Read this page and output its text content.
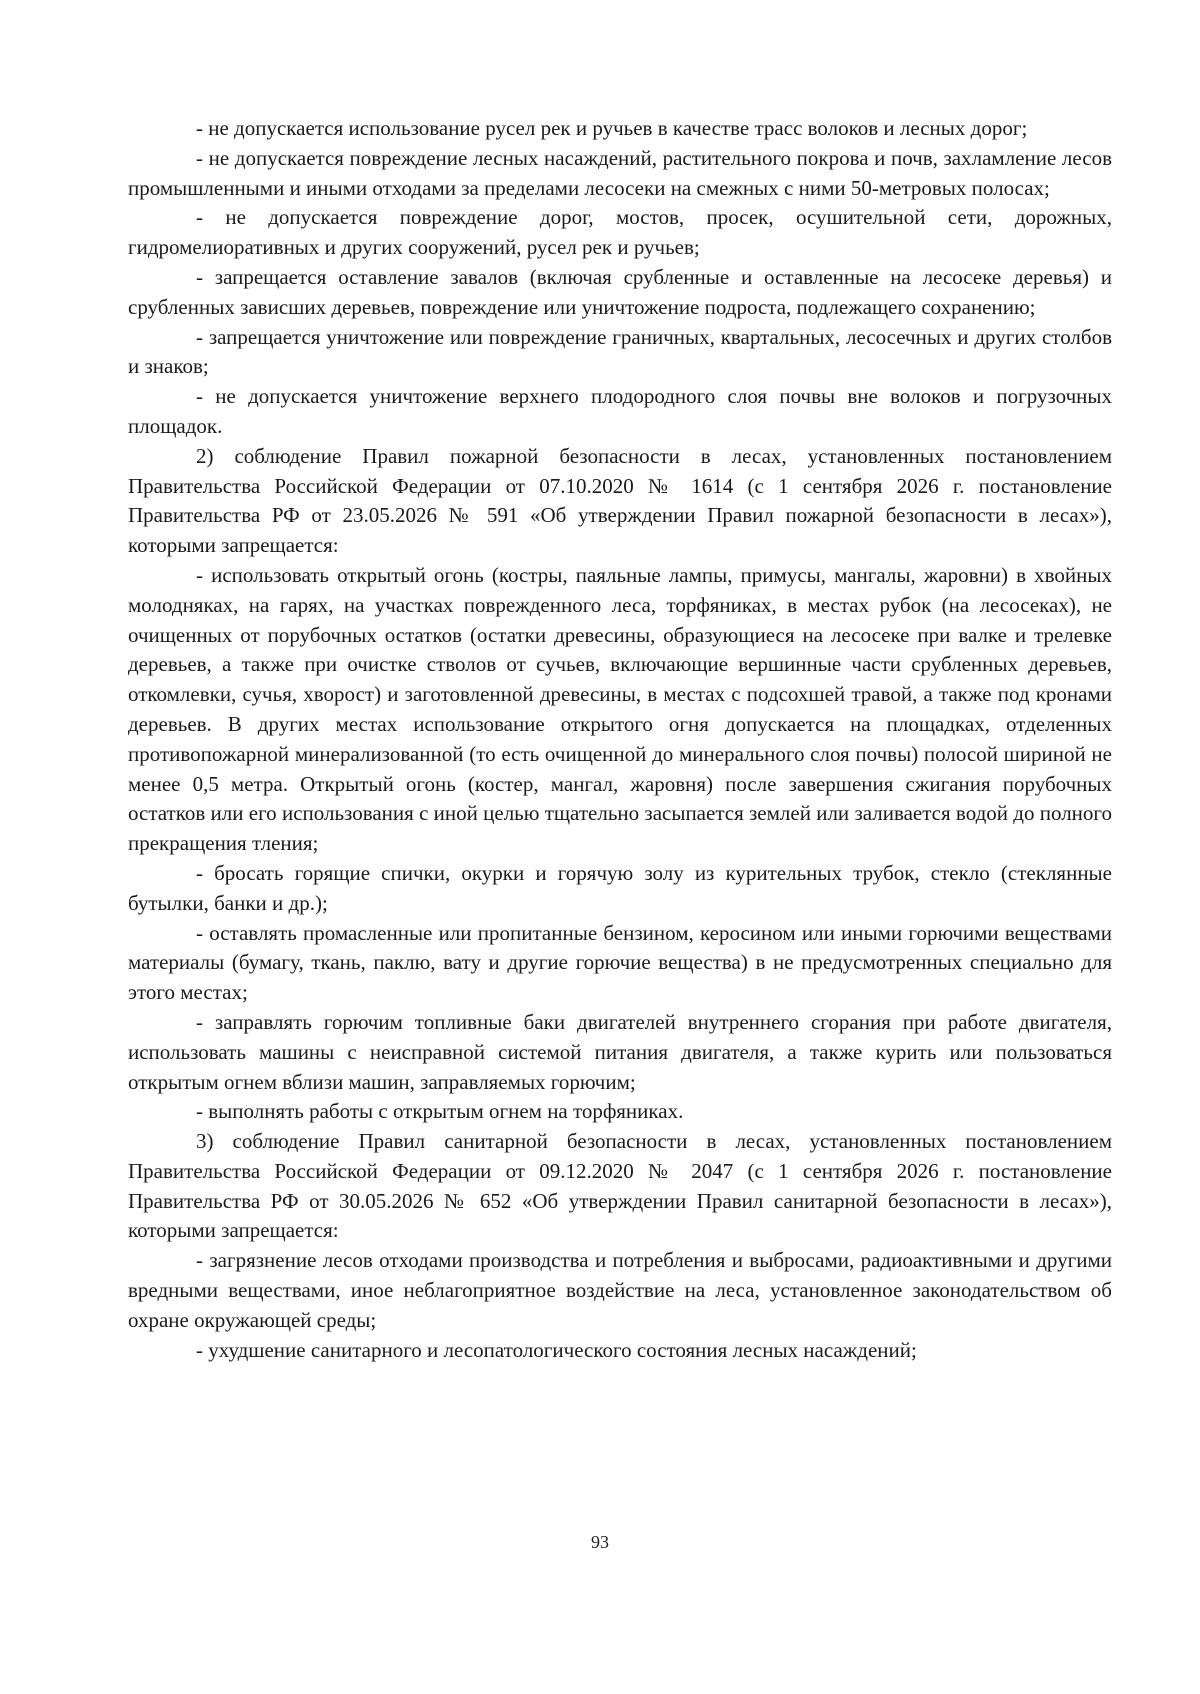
- не допускается использование русел рек и ручьев в качестве трасс волоков и лесных дорог;

- не допускается повреждение лесных насаждений, растительного покрова и почв, захламление лесов промышленными и иными отходами за пределами лесосеки на смежных с ними 50-метровых полосах;

- не допускается повреждение дорог, мостов, просек, осушительной сети, дорожных, гидромелиоративных и других сооружений, русел рек и ручьев;

- запрещается оставление завалов (включая срубленные и оставленные на лесосеке деревья) и срубленных зависших деревьев, повреждение или уничтожение подроста, подлежащего сохранению;

- запрещается уничтожение или повреждение граничных, квартальных, лесосечных и других столбов и знаков;

- не допускается уничтожение верхнего плодородного слоя почвы вне волоков и погрузочных площадок.

2) соблюдение Правил пожарной безопасности в лесах, установленных постановлением Правительства Российской Федерации от 07.10.2020 № 1614 (с 1 сентября 2026 г. постановление Правительства РФ от 23.05.2026 № 591 «Об утверждении Правил пожарной безопасности в лесах»), которыми запрещается:

- использовать открытый огонь (костры, паяльные лампы, примусы, мангалы, жаровни) в хвойных молодняках, на гарях, на участках поврежденного леса, торфяниках, в местах рубок (на лесосеках), не очищенных от порубочных остатков (остатки древесины, образующиеся на лесосеке при валке и трелевке деревьев, а также при очистке стволов от сучьев, включающие вершинные части срубленных деревьев, откомлевки, сучья, хворост) и заготовленной древесины, в местах с подсохшей травой, а также под кронами деревьев. В других местах использование открытого огня допускается на площадках, отделенных противопожарной минерализованной (то есть очищенной до минерального слоя почвы) полосой шириной не менее 0,5 метра. Открытый огонь (костер, мангал, жаровня) после завершения сжигания порубочных остатков или его использования с иной целью тщательно засыпается землей или заливается водой до полного прекращения тления;

- бросать горящие спички, окурки и горячую золу из курительных трубок, стекло (стеклянные бутылки, банки и др.);

- оставлять промасленные или пропитанные бензином, керосином или иными горючими веществами материалы (бумагу, ткань, паклю, вату и другие горючие вещества) в не предусмотренных специально для этого местах;

- заправлять горючим топливные баки двигателей внутреннего сгорания при работе двигателя, использовать машины с неисправной системой питания двигателя, а также курить или пользоваться открытым огнем вблизи машин, заправляемых горючим;

- выполнять работы с открытым огнем на торфяниках.

3) соблюдение Правил санитарной безопасности в лесах, установленных постановлением Правительства Российской Федерации от 09.12.2020 № 2047 (с 1 сентября 2026 г. постановление Правительства РФ от 30.05.2026 № 652 «Об утверждении Правил санитарной безопасности в лесах»), которыми запрещается:

- загрязнение лесов отходами производства и потребления и выбросами, радиоактивными и другими вредными веществами, иное неблагоприятное воздействие на леса, установленное законодательством об охране окружающей среды;

- ухудшение санитарного и лесопатологического состояния лесных насаждений;

93
